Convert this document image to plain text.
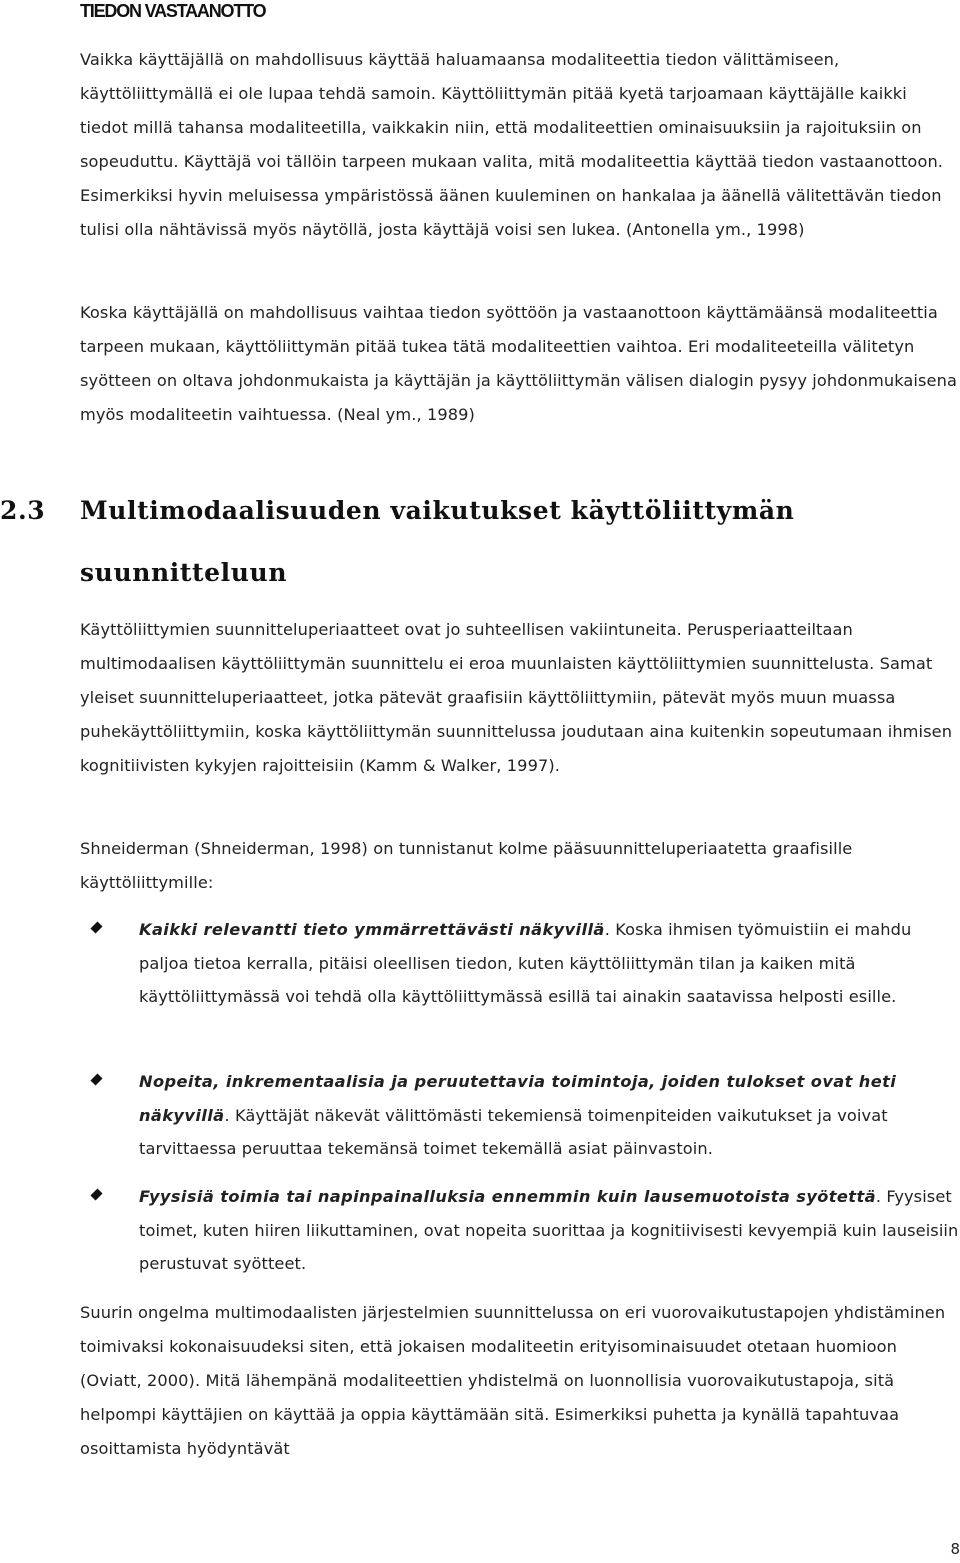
TIEDON VASTAANOTTO

Vaikka käyttäjällä on mahdollisuus käyttää haluamaansa modaliteettia tiedon välittämiseen, käyttöliittymällä ei ole lupaa tehdä samoin. Käyttöliittymän pitää kyetä tarjoamaan käyttäjälle kaikki tiedot millä tahansa modaliteetilla, vaikkakin niin, että modaliteettien ominaisuuksiin ja rajoituksiin on sopeuduttu. Käyttäjä voi tällöin tarpeen mukaan valita, mitä modaliteettia käyttää tiedon vastaanottoon. Esimerkiksi hyvin meluisessa ympäristössä äänen kuuleminen on hankalaa ja äänellä välitettävän tiedon tulisi olla nähtävissä myös näytöllä, josta käyttäjä voisi sen lukea. (Antonella ym., 1998)

Koska käyttäjällä on mahdollisuus vaihtaa tiedon syöttöön ja vastaanottoon käyttämäänsä modaliteettia tarpeen mukaan, käyttöliittymän pitää tukea tätä modaliteettien vaihtoa. Eri modaliteeteilla välitetyn syötteen on oltava johdonmukaista ja käyttäjän ja käyttöliittymän välisen dialogin pysyy johdonmukaisena myös modaliteetin vaihtuessa. (Neal ym., 1989)

2.3 Multimodaalisuuden vaikutukset käyttöliittymän suunnitteluun

Käyttöliittymien suunnitteluperiaatteet ovat jo suhteellisen vakiintuneita. Perusperiaatteiltaan multimodaalisen käyttöliittymän suunnittelu ei eroa muunlaisten käyttöliittymien suunnittelusta. Samat yleiset suunnitteluperiaatteet, jotka pätevät graafisiin käyttöliittymiin, pätevät myös muun muassa puhekäyttöliittymiin, koska käyttöliittymän suunnittelussa joudutaan aina kuitenkin sopeutumaan ihmisen kognitiivisten kykyjen rajoitteisiin (Kamm & Walker, 1997).

Shneiderman (Shneiderman, 1998) on tunnistanut kolme pääsuunnitteluperiaatetta graafisille käyttöliittymille:

Kaikki relevantti tieto ymmärrettävästi näkyvillä. Koska ihmisen työmuistiin ei mahdu paljoa tietoa kerralla, pitäisi oleellisen tiedon, kuten käyttöliittymän tilan ja kaiken mitä käyttöliittymässä voi tehdä olla käyttöliittymässä esillä tai ainakin saatavissa helposti esille.
Nopeita, inkrementaalisia ja peruutettavia toimintoja, joiden tulokset ovat heti näkyvillä. Käyttäjät näkevät välittömästi tekemiensä toimenpiteiden vaikutukset ja voivat tarvittaessa peruuttaa tekemänsä toimet tekemällä asiat päinvastoin.
Fyysisiä toimia tai napinpainalluksia ennemmin kuin lausemuotoista syötettä. Fyysiset toimet, kuten hiiren liikuttaminen, ovat nopeita suorittaa ja kognitiivisesti kevyempiä kuin lauseisiin perustuvat syötteet.

Suurin ongelma multimodaalisten järjestelmien suunnittelussa on eri vuorovaikutustapojen yhdistäminen toimivaksi kokonaisuudeksi siten, että jokaisen modaliteetin erityisominaisuudet otetaan huomioon (Oviatt, 2000). Mitä lähempänä modaliteettien yhdistelmä on luonnollisia vuorovaikutustapoja, sitä helpompi käyttäjien on käyttää ja oppia käyttämään sitä. Esimerkiksi puhetta ja kynällä tapahtuvaa osoittamista hyödyntävät

8
